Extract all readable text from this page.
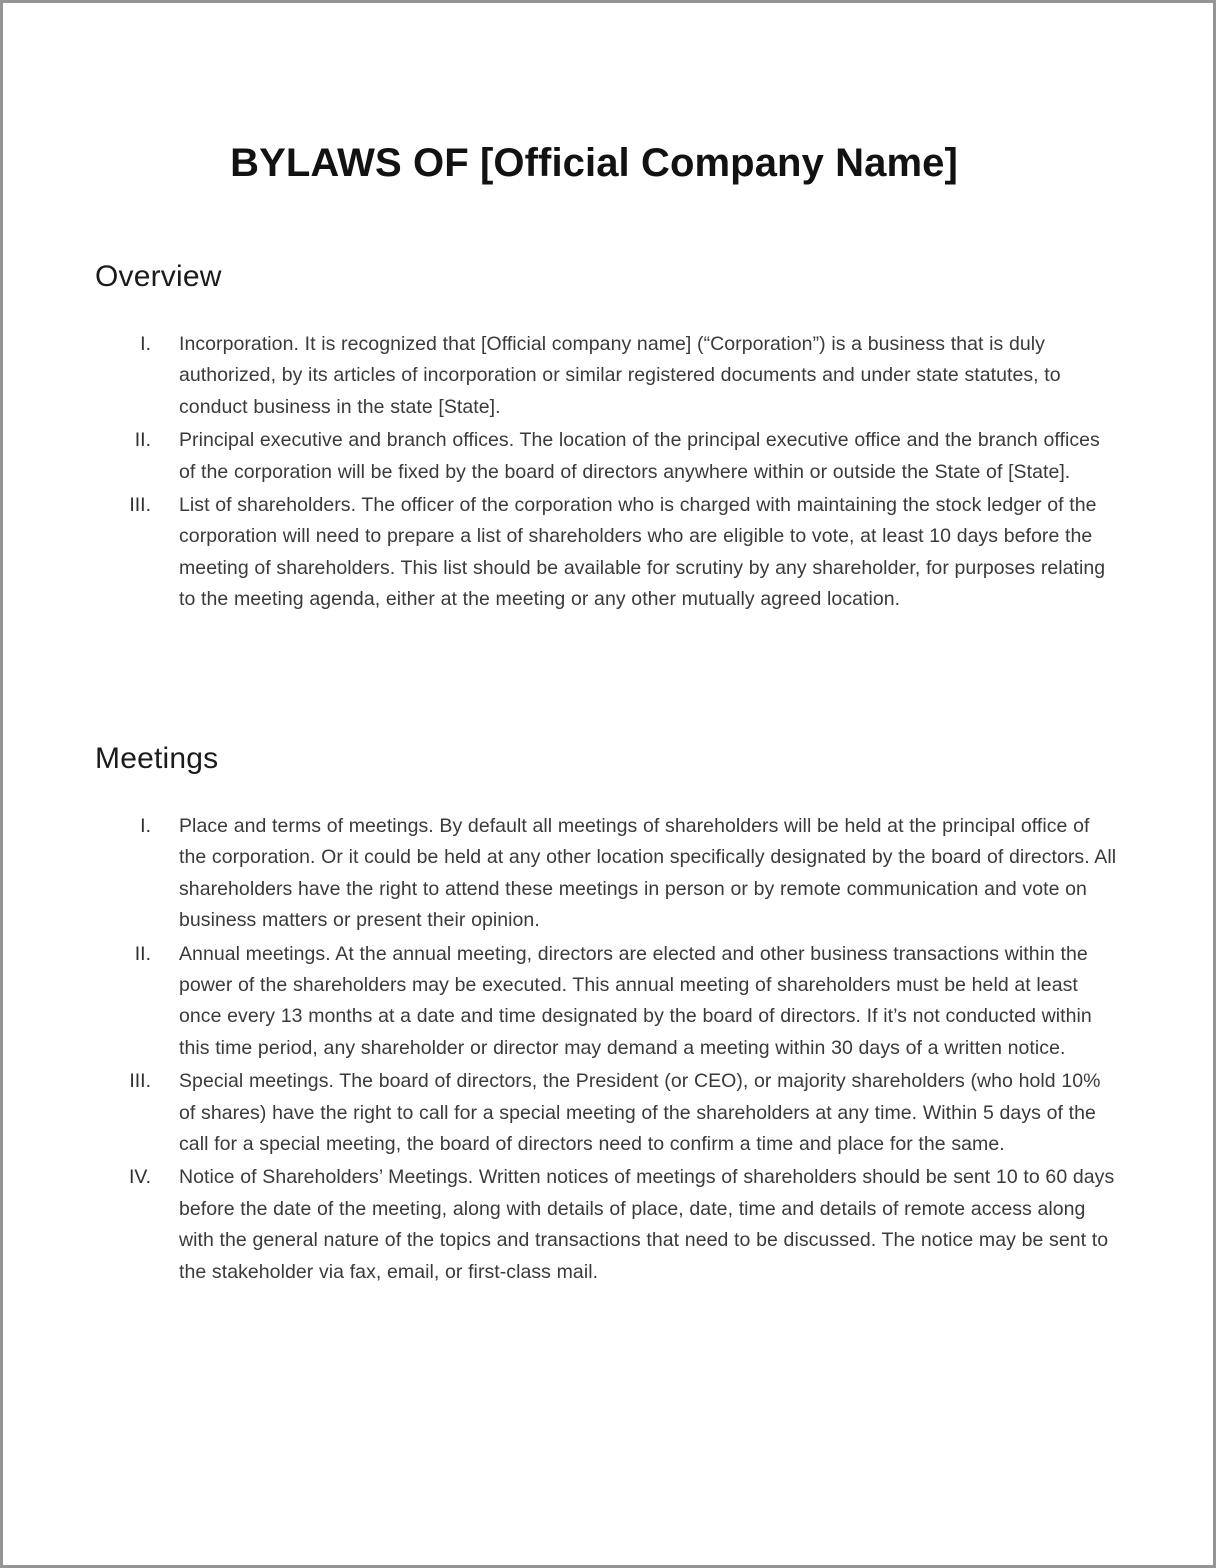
BYLAWS OF [Official Company Name]
Overview
I. Incorporation. It is recognized that [Official company name] (“Corporation”) is a business that is duly authorized, by its articles of incorporation or similar registered documents and under state statutes, to conduct business in the state [State].
II. Principal executive and branch offices. The location of the principal executive office and the branch offices of the corporation will be fixed by the board of directors anywhere within or outside the State of [State].
III. List of shareholders. The officer of the corporation who is charged with maintaining the stock ledger of the corporation will need to prepare a list of shareholders who are eligible to vote, at least 10 days before the meeting of shareholders. This list should be available for scrutiny by any shareholder, for purposes relating to the meeting agenda, either at the meeting or any other mutually agreed location.
Meetings
I. Place and terms of meetings. By default all meetings of shareholders will be held at the principal office of the corporation. Or it could be held at any other location specifically designated by the board of directors. All shareholders have the right to attend these meetings in person or by remote communication and vote on business matters or present their opinion.
II. Annual meetings. At the annual meeting, directors are elected and other business transactions within the power of the shareholders may be executed. This annual meeting of shareholders must be held at least once every 13 months at a date and time designated by the board of directors. If it’s not conducted within this time period, any shareholder or director may demand a meeting within 30 days of a written notice.
III. Special meetings. The board of directors, the President (or CEO), or majority shareholders (who hold 10% of shares) have the right to call for a special meeting of the shareholders at any time. Within 5 days of the call for a special meeting, the board of directors need to confirm a time and place for the same.
IV. Notice of Shareholders’ Meetings. Written notices of meetings of shareholders should be sent 10 to 60 days before the date of the meeting, along with details of place, date, time and details of remote access along with the general nature of the topics and transactions that need to be discussed. The notice may be sent to the stakeholder via fax, email, or first-class mail.
